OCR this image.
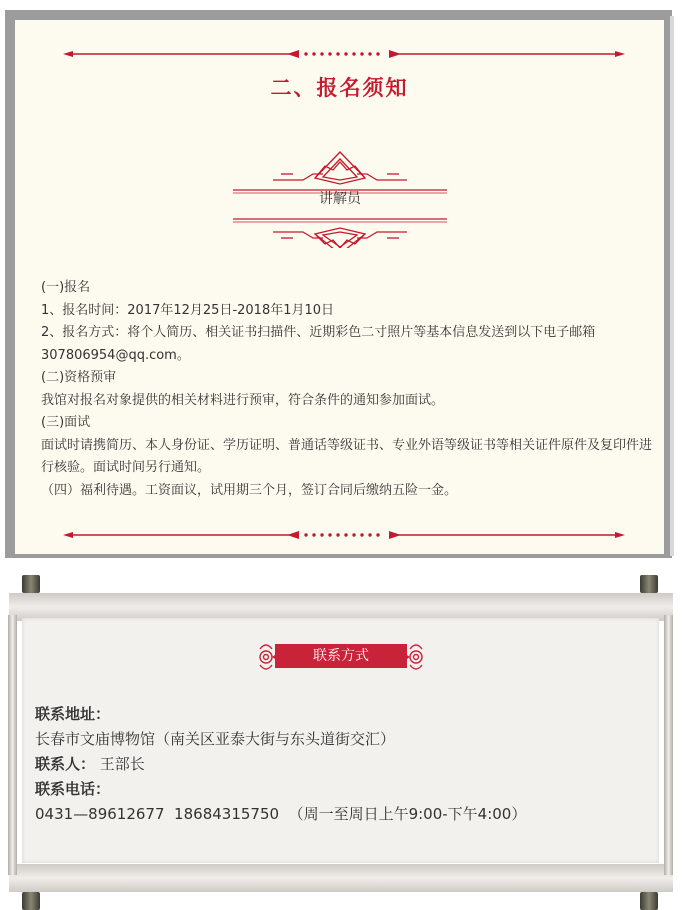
二、报名须知
讲解员

(一)报名

1、报名时间：2017年12月25日-2018年1月10日

2、报名方式：将个人简历、相关证书扫描件、近期彩色二寸照片等基本信息发送到以下电子邮箱307806954@qq.com。

(二)资格预审

我馆对报名对象提供的相关材料进行预审，符合条件的通知参加面试。

(三)面试

面试时请携简历、本人身份证、学历证明、普通话等级证书、专业外语等级证书等相关证件原件及复印件进行核验。面试时间另行通知。

（四）福利待遇。工资面议，试用期三个月，签订合同后缴纳五险一金。

联系方式

联系地址：

长春市文庙博物馆（南关区亚泰大街与东头道街交汇）

联系人： 王部长

联系电话：

0431—89612677  18684315750  （周一至周日上午9:00-下午4:00）
